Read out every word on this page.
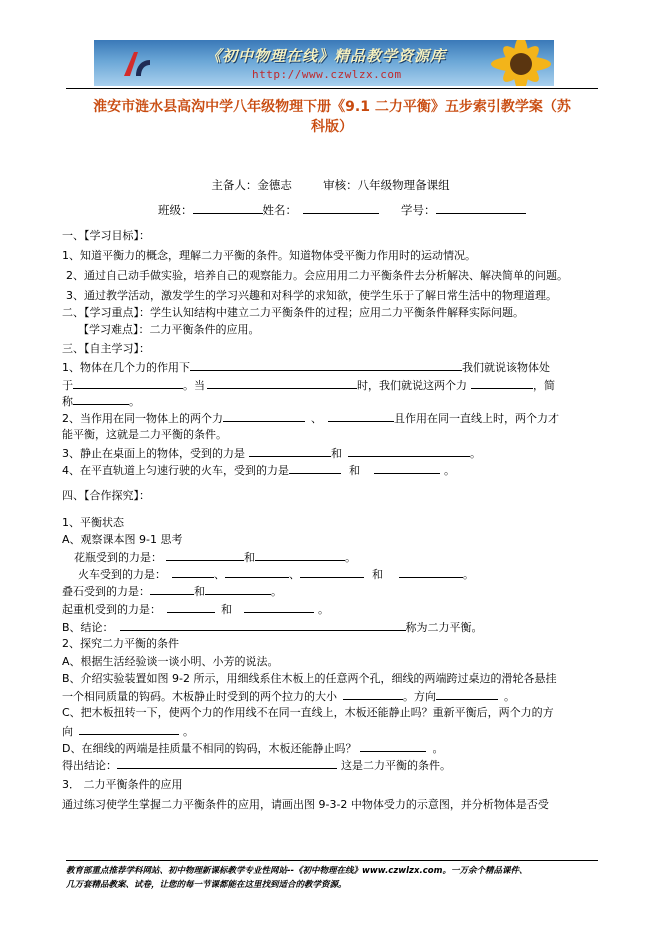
《初中物理在线》精品教学资源库
http://www.czwlzx.com
淮安市涟水县高沟中学八年级物理下册《9.1 二力平衡》五步索引教学案（苏
科版）
主备人：金德志	审核：八年级物理备课组
班级：	姓名：	学号：
一、【学习目标】：
1、知道平衡力的概念，理解二力平衡的条件。知道物体受平衡力作用时的运动情况。
2、通过自己动手做实验，培养自己的观察能力。会应用用二力平衡条件去分析解决、解决简单的问题。
3、通过教学活动，激发学生的学习兴趣和对科学的求知欲，使学生乐于了解日常生活中的物理道理。
二、【学习重点】：学生认知结构中建立二力平衡条件的过程；应用二力平衡条件解释实际问题。
【学习难点】：二力平衡条件的应用。
三、【自主学习】：
1、物体在几个力的作用下	我们就说该物体处
于	。当	时，我们就说这两个力	，简
称	。
2、当作用在同一物体上的两个力	、	且作用在同一直线上时，两个力才
能平衡，这就是二力平衡的条件。
3、静止在桌面上的物体，受到的力是	和	。
4、在平直轨道上匀速行驶的火车，受到的力是	和	。
四、【合作探究】：
1、平衡状态
A、观察课本图 9-1 思考
花瓶受到的力是：	和	。
火车受到的力是：	、	、	和	。
叠石受到的力是：	和	。
起重机受到的力是：	和	。
B、结论：	称为二力平衡。
2、探究二力平衡的条件
A、根据生活经验谈一谈小明、小芳的说法。
B、介绍实验装置如图 9-2 所示，用细线系住木板上的任意两个孔，细线的两端跨过桌边的滑轮各悬挂
一个相同质量的钩码。木板静止时受到的两个拉力的大小	。方向	。
C、把木板扭转一下，使两个力的作用线不在同一直线上，木板还能静止吗？重新平衡后，两个力的方
向	。
D、在细线的两端是挂质量不相同的钩码，木板还能静止吗？	。
得出结论：	这是二力平衡的条件。
3． 二力平衡条件的应用
通过练习使学生掌握二力平衡条件的应用，请画出图 9-3-2 中物体受力的示意图，并分析物体是否受
教育部重点推荐学科网站、初中物理新课标教学专业性网站--《初中物理在线》www.czwlzx.com。一万余个精品课件、
几万套精品教案、试卷，让您的每一节课都能在这里找到适合的教学资源。
